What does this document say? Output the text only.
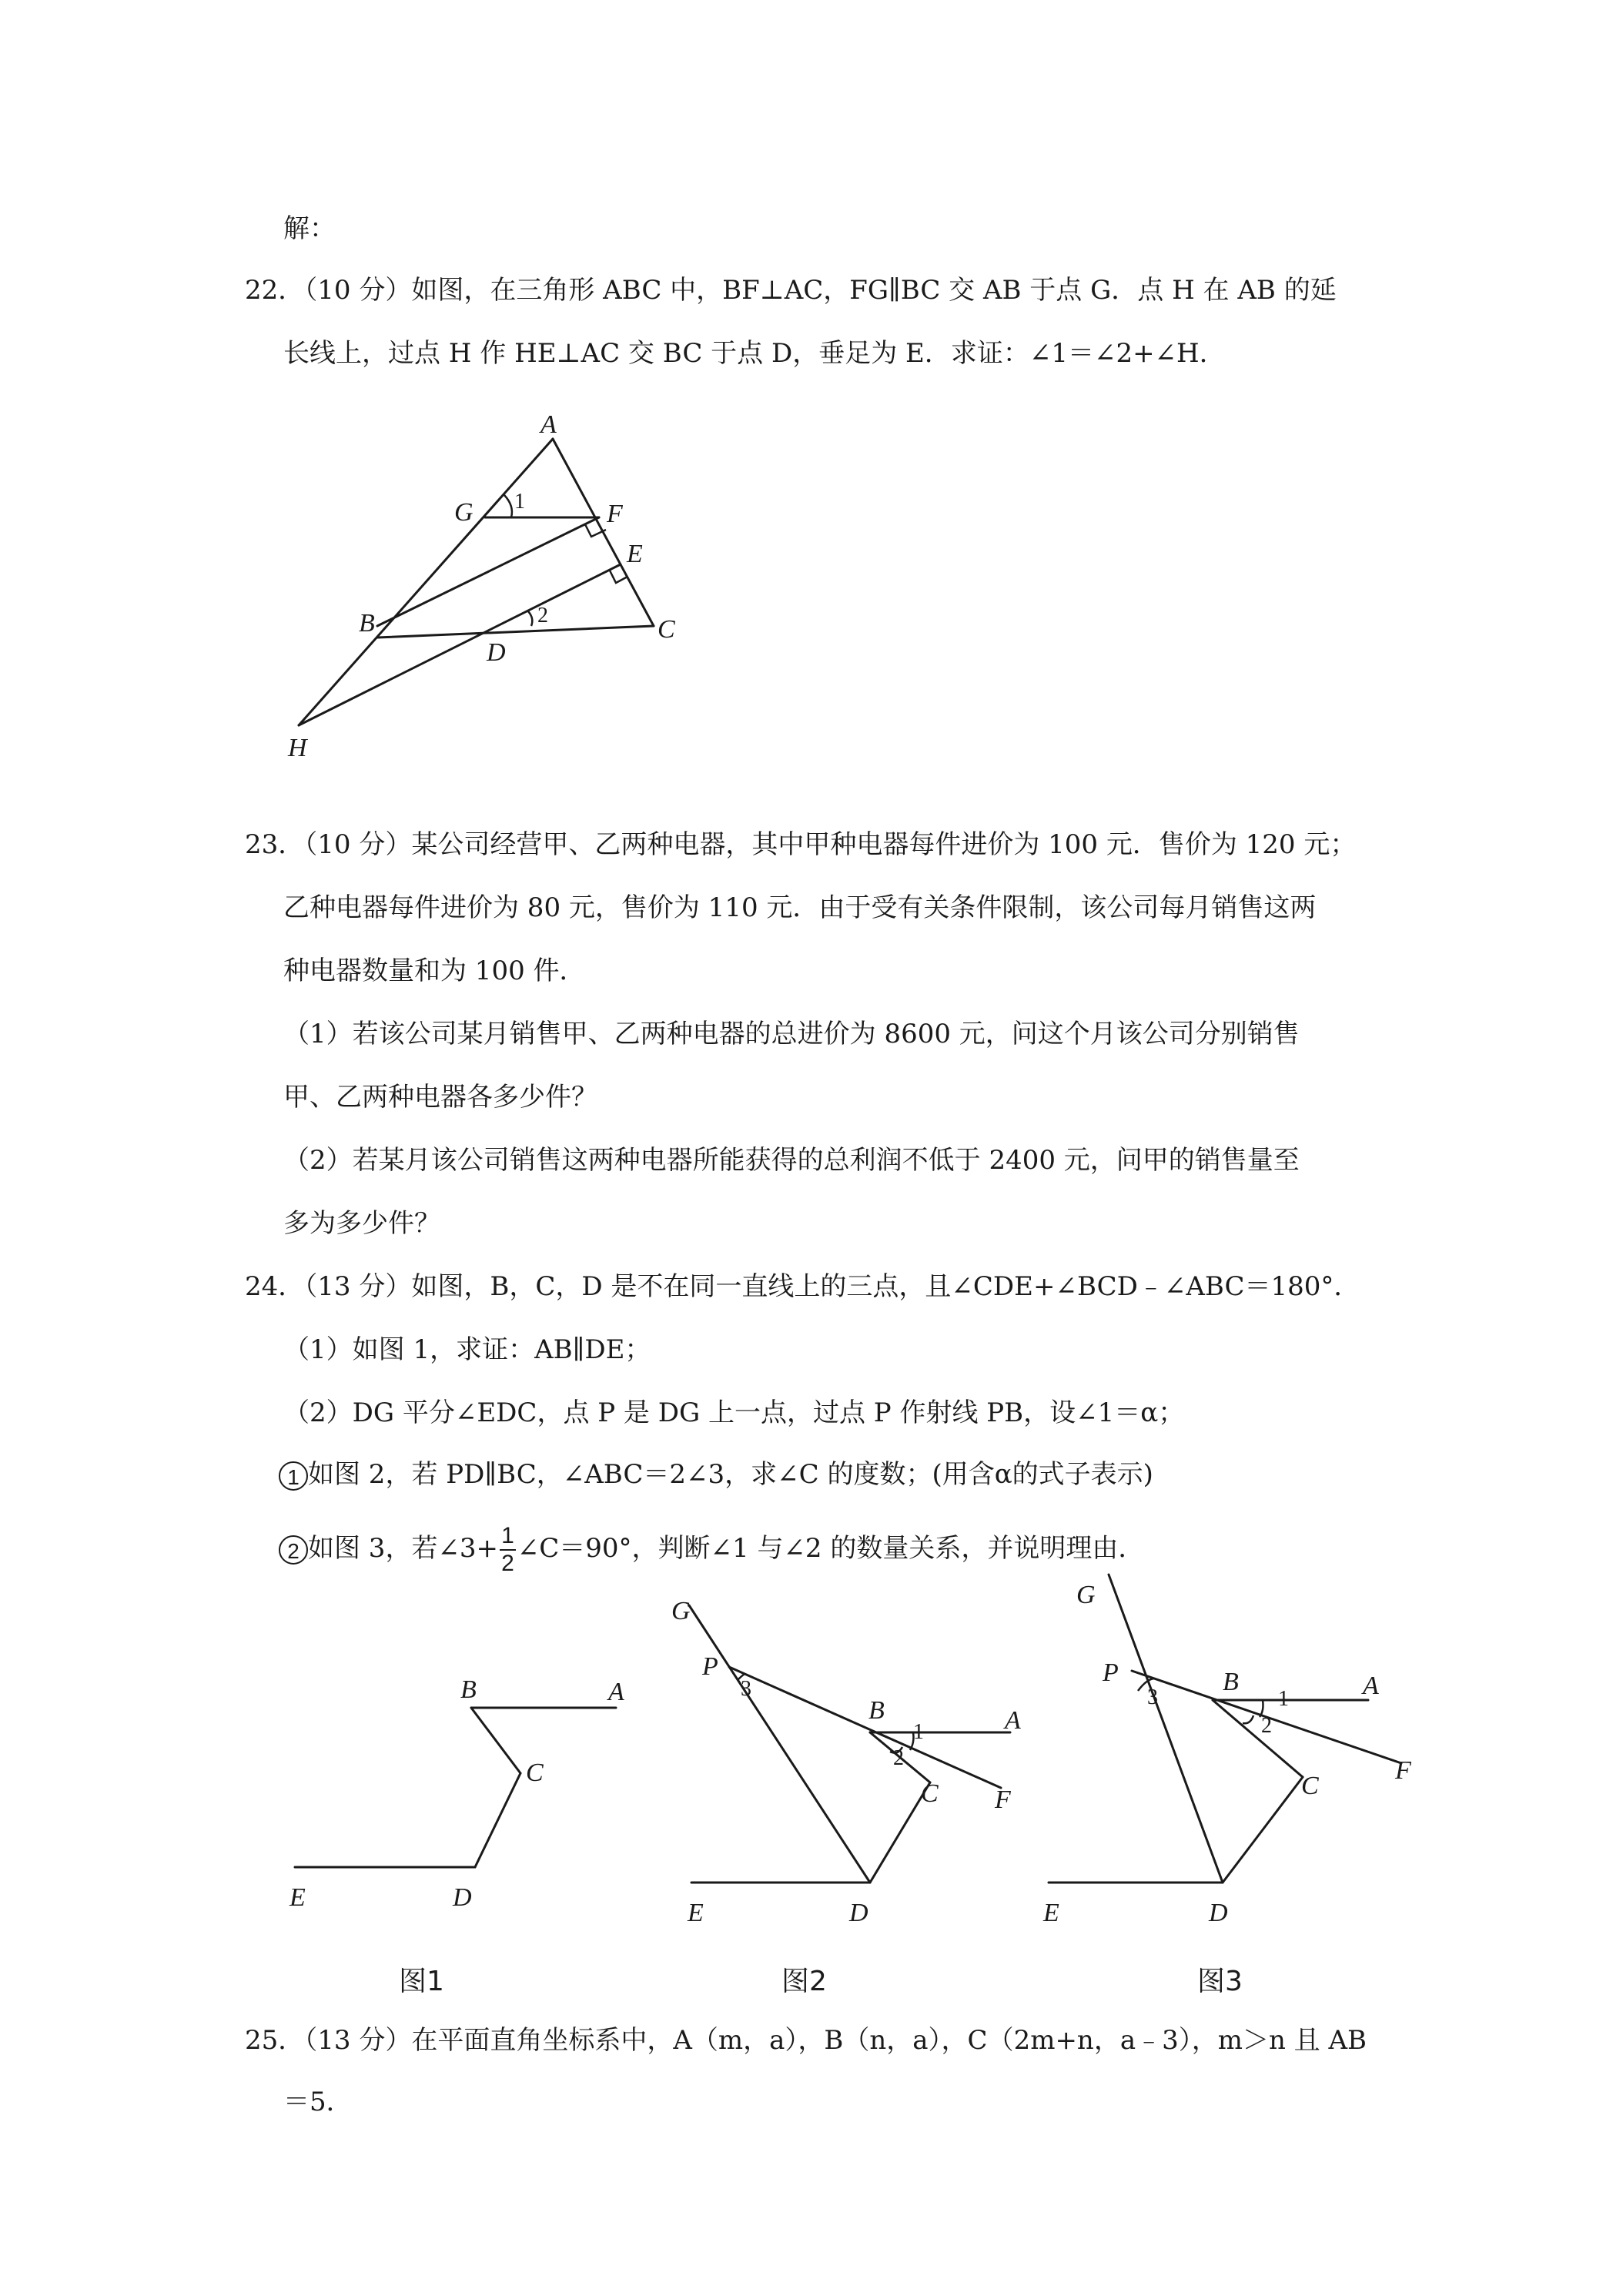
解：
22．（10 分）如图，在三角形 ABC 中，BF⊥AC，FG∥BC 交 AB 于点 G．点 H 在 AB 的延
长线上，过点 H 作 HE⊥AC 交 BC 于点 D，垂足为 E．求证：∠1＝∠2+∠H．
A
G	F
E
B
D
C
H
1
2
23．（10 分）某公司经营甲、乙两种电器，其中甲种电器每件进价为 100 元．售价为 120 元；
乙种电器每件进价为 80 元，售价为 110 元．由于受有关条件限制，该公司每月销售这两
种电器数量和为 100 件．
（1）若该公司某月销售甲、乙两种电器的总进价为 8600 元，问这个月该公司分别销售
甲、乙两种电器各多少件？
（2）若某月该公司销售这两种电器所能获得的总利润不低于 2400 元，问甲的销售量至
多为多少件？
24．（13 分）如图，B，C，D 是不在同一直线上的三点，且∠CDE+∠BCD﹣∠ABC＝180°．
（1）如图 1，求证：AB∥DE；
（2）DG 平分∠EDC，点 P 是 DG 上一点，过点 P 作射线 PB，设∠1＝α；
1 如图 2，若 PD∥BC，∠ABC＝2∠3，求∠C 的度数；(用含α的式子表示)
2 如图 3，若∠3+ $\frac{1}{2}$ ∠C＝90°，判断∠1 与∠2 的数量关系，并说明理由．
B	A
C
E	D
图1
G
P
B	A
C F
E	D
3
1
2
图2
G
P	B	A
C
F
E	D
3	1
2
图3
25．（13 分）在平面直角坐标系中，A（m，a），B（n，a），C（2m+n，a﹣3），m＞n 且 AB
＝5．
